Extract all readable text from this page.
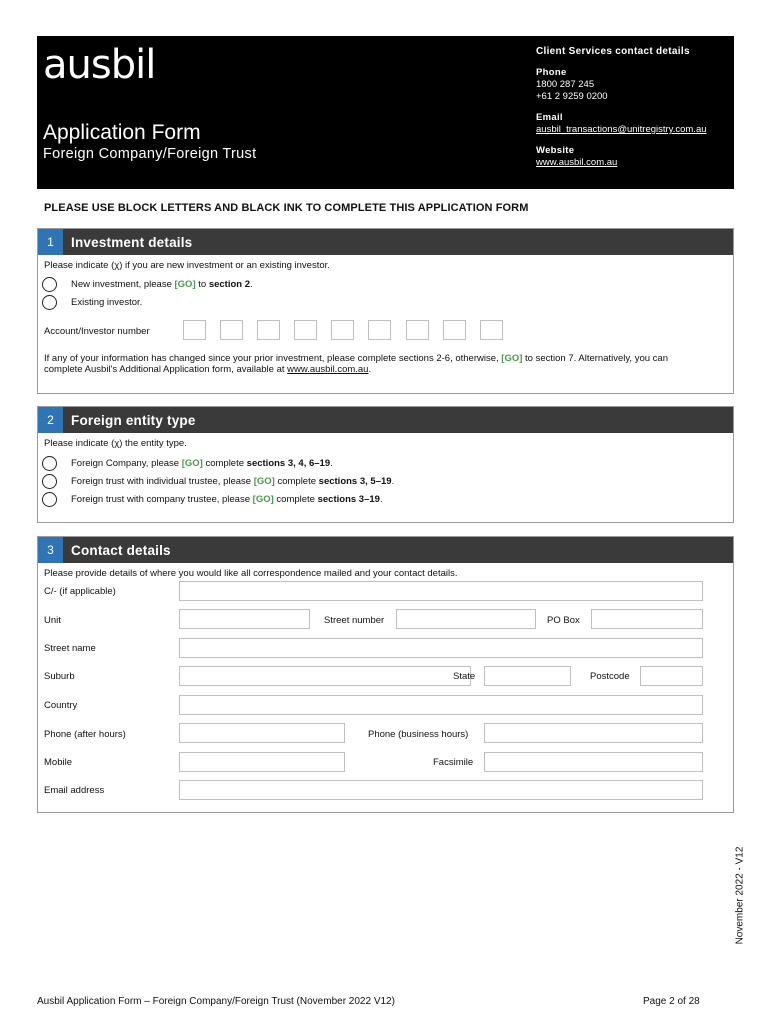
ausbil
Application Form
Foreign Company/Foreign Trust
Client Services contact details
Phone
1800 287 245
+61 2 9259 0200
Email
ausbil_transactions@unitregistry.com.au
Website
www.ausbil.com.au
PLEASE USE BLOCK LETTERS AND BLACK INK TO COMPLETE THIS APPLICATION FORM
1	Investment details
Please indicate (χ) if you are new investment or an existing investor.
New investment, please [GO] to section 2.
Existing investor.
Account/Investor number
If any of your information has changed since your prior investment, please complete sections 2-6, otherwise, [GO] to section 7. Alternatively, you can
complete Ausbil's Additional Application form, available at www.ausbil.com.au.
2	Foreign entity type
Please indicate (χ) the entity type.
Foreign Company, please [GO] complete sections 3, 4, 6–19.
Foreign trust with individual trustee, please [GO] complete sections 3, 5–19.
Foreign trust with company trustee, please [GO] complete sections 3–19.
3	Contact details
Please provide details of where you would like all correspondence mailed and your contact details.
C/- (if applicable)
Unit	Street number	PO Box
Street name
Suburb	State	Postcode
Country
Phone (after hours)	Phone (business hours)
Mobile	Facsimile
Email address
November 2022 - V12
Ausbil Application Form – Foreign Company/Foreign Trust (November 2022 V12)	Page 2 of 28
